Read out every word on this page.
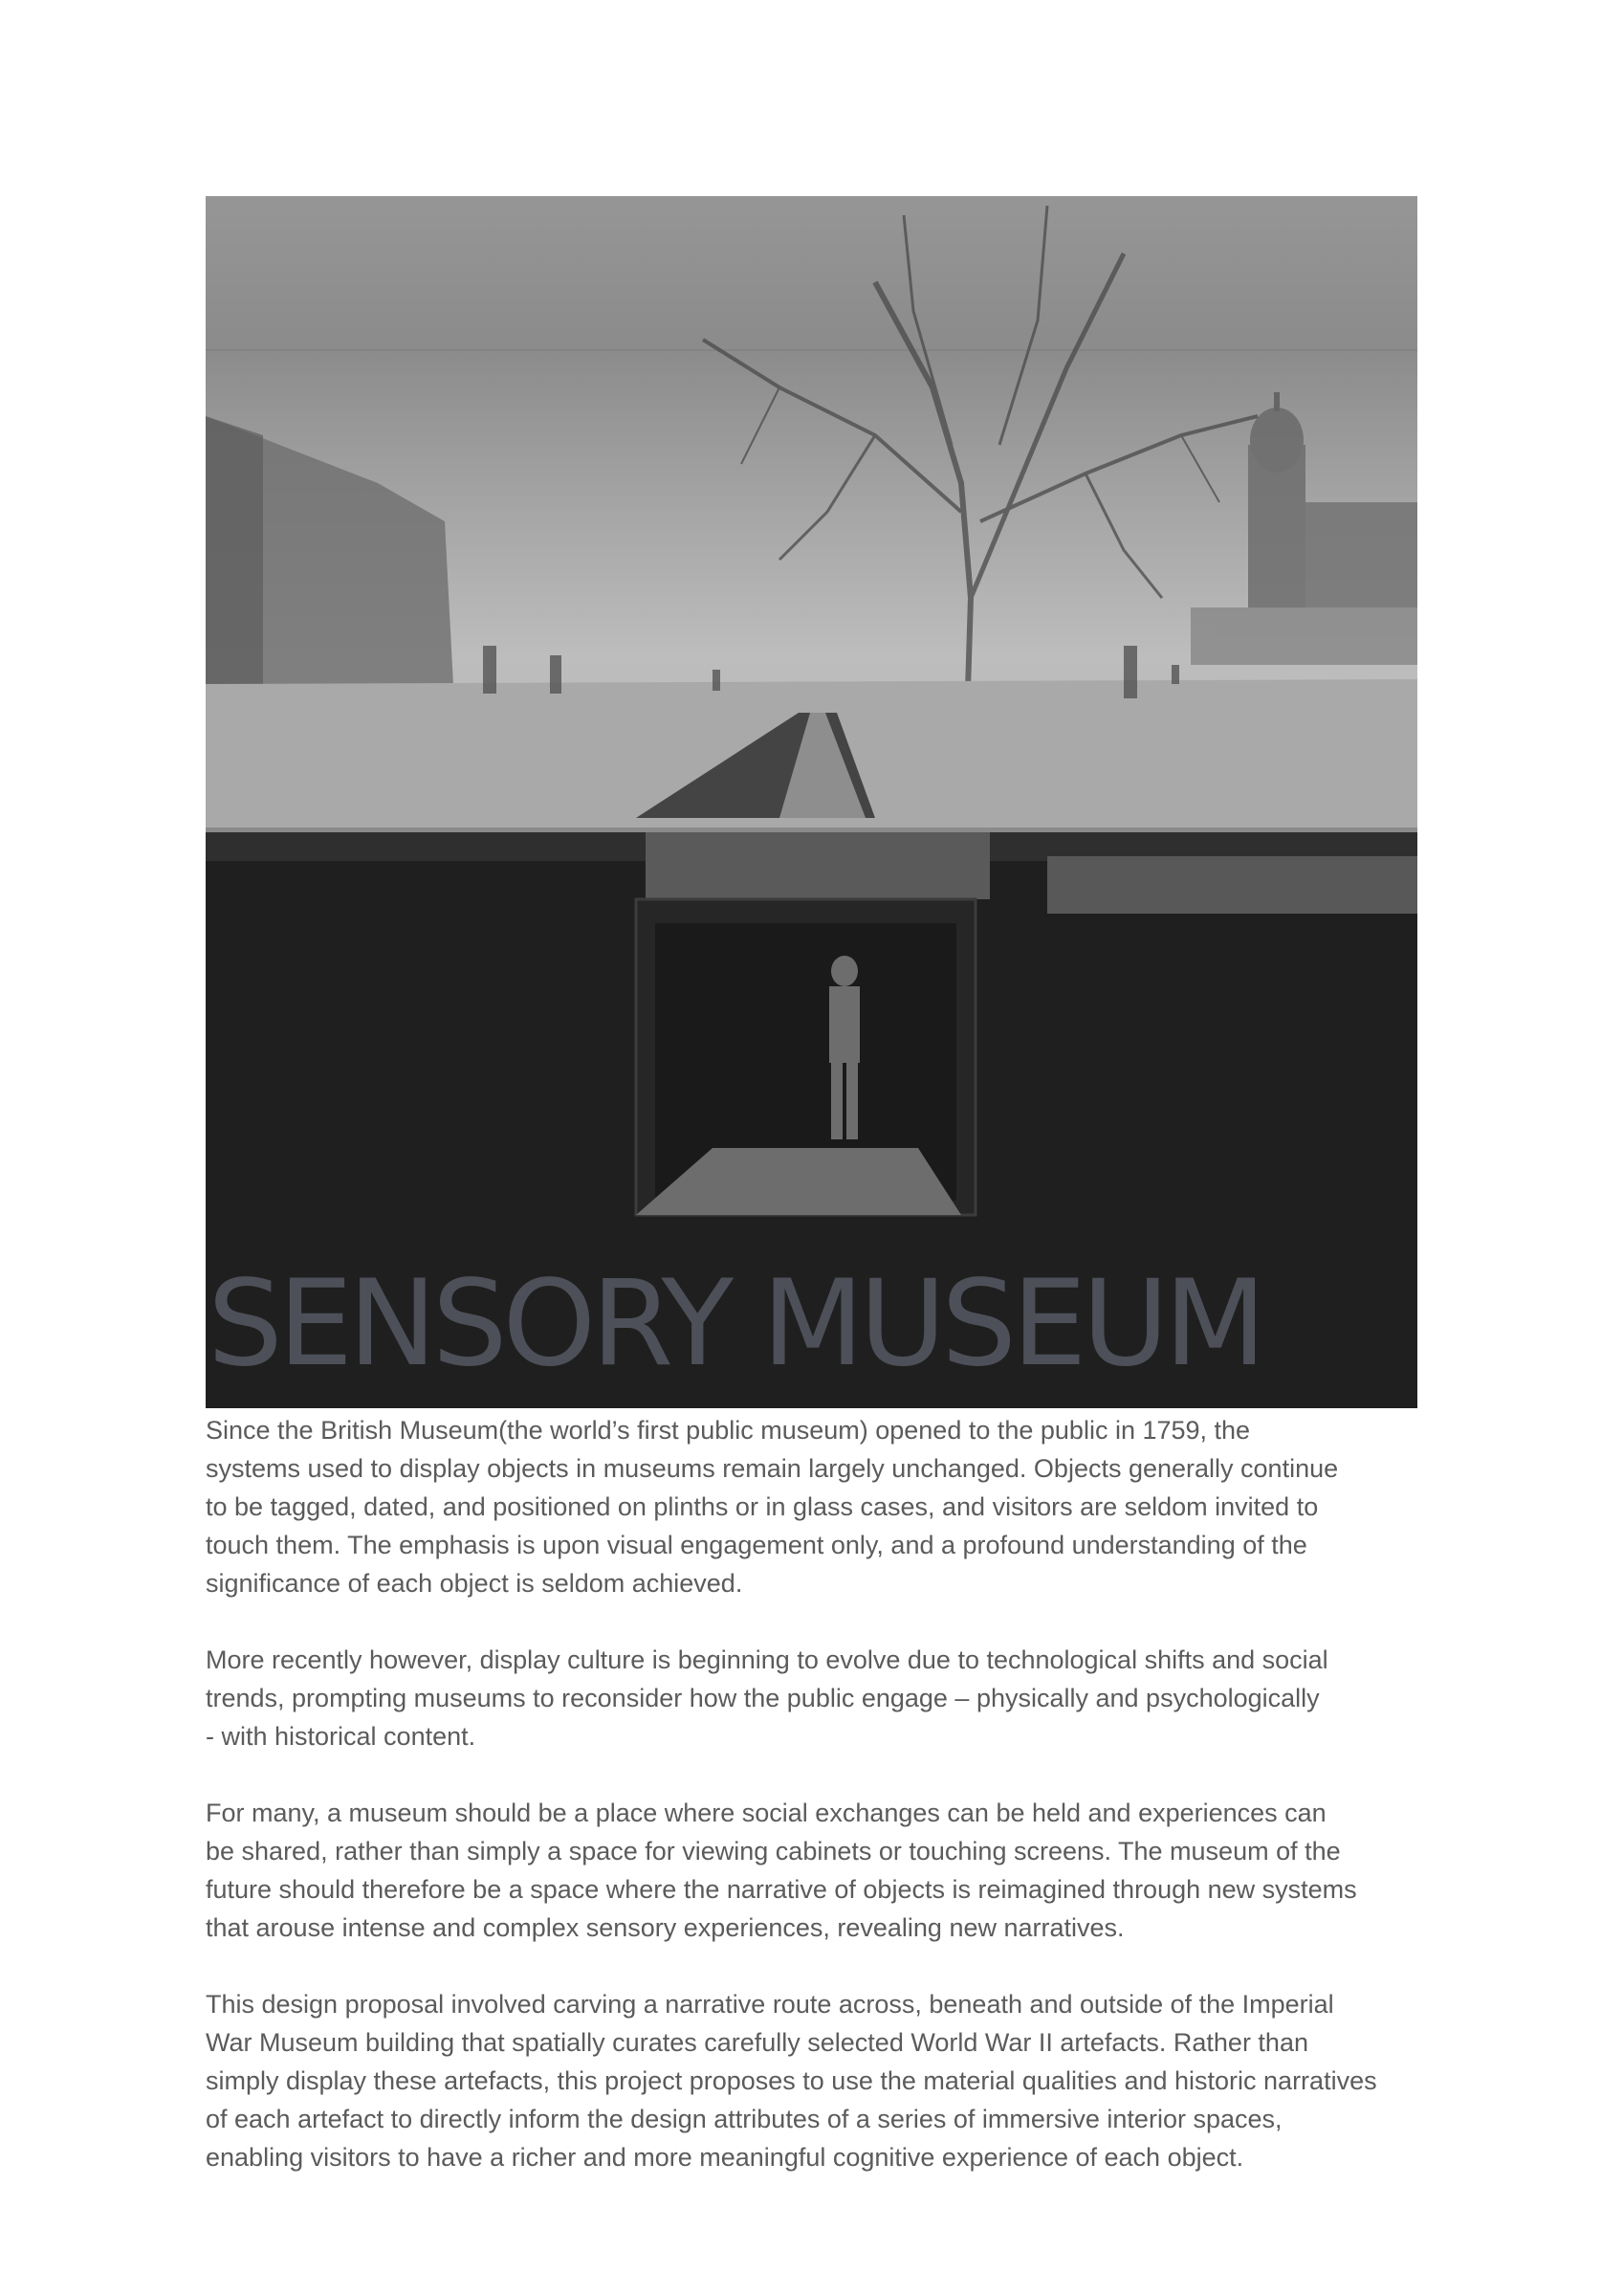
SENSORY MUSEUM

Since the British Museum(the world’s first public museum) opened to the public in 1759, the
systems used to display objects in museums remain largely unchanged. Objects generally continue
to be tagged, dated, and positioned on plinths or in glass cases, and visitors are seldom invited to
touch them. The emphasis is upon visual engagement only, and a profound understanding of the
significance of each object is seldom achieved.

More recently however, display culture is beginning to evolve due to technological shifts and social
trends, prompting museums to reconsider how the public engage – physically and psychologically
- with historical content.

For many, a museum should be a place where social exchanges can be held and experiences can
be shared, rather than simply a space for viewing cabinets or touching screens. The museum of the
future should therefore be a space where the narrative of objects is reimagined through new systems
that arouse intense and complex sensory experiences, revealing new narratives.

This design proposal involved carving a narrative route across, beneath and outside of the Imperial
War Museum building that spatially curates carefully selected World War II artefacts. Rather than
simply display these artefacts, this project proposes to use the material qualities and historic narratives
of each artefact to directly inform the design attributes of a series of immersive interior spaces,
enabling visitors to have a richer and more meaningful cognitive experience of each object.
